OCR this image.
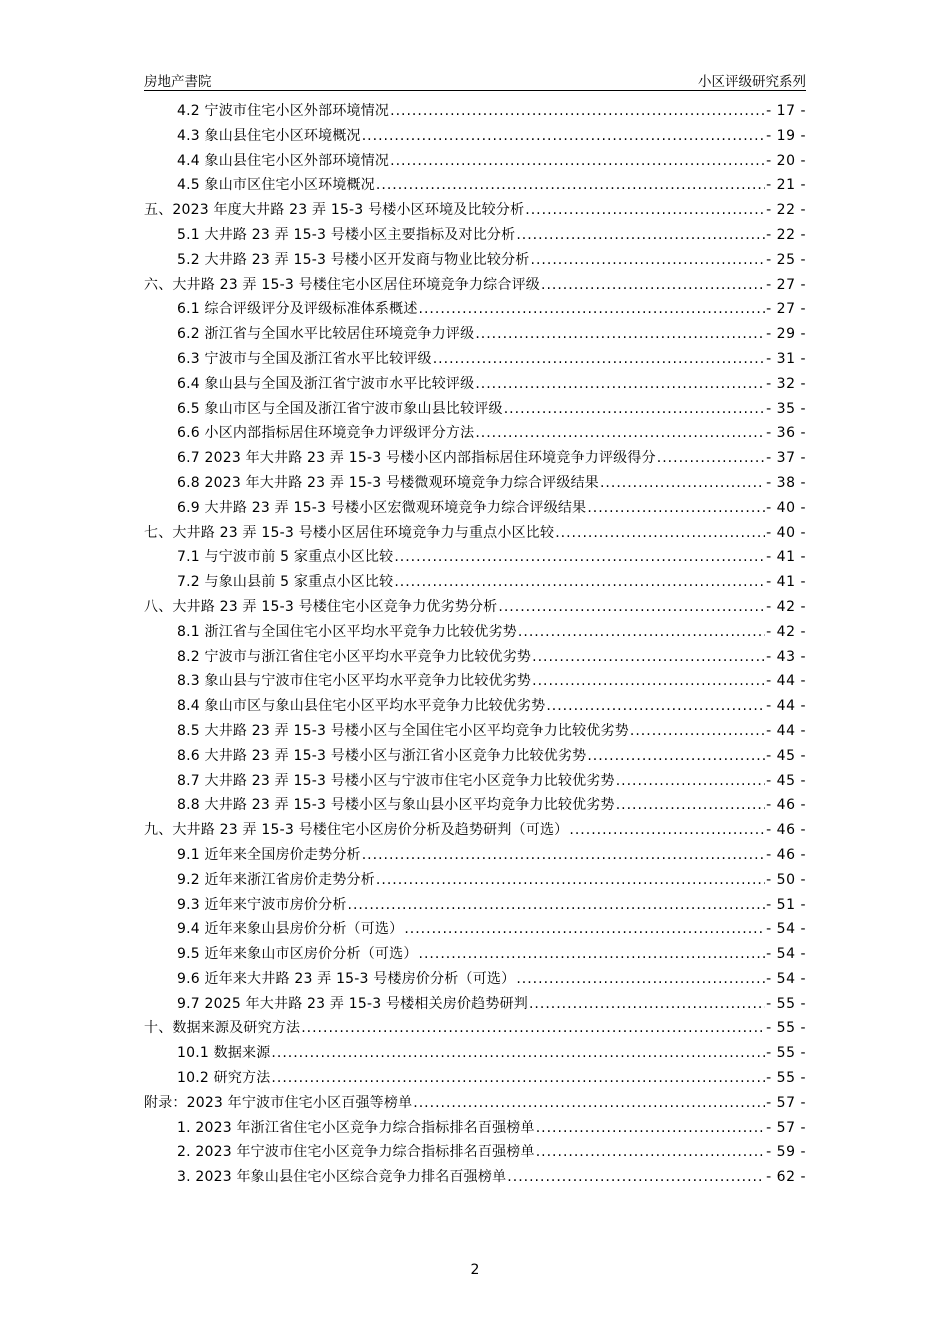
房地产書院	小区评级研究系列
4.2 宁波市住宅小区外部环境情况 .....	- 17 -
4.3 象山县住宅小区环境概况 .....	- 19 -
4.4 象山县住宅小区外部环境情况 .....	- 20 -
4.5 象山市区住宅小区环境概况 .....	- 21 -
五、2023 年度大井路 23 弄 15-3 号楼小区环境及比较分析 .....	- 22 -
5.1 大井路 23 弄 15-3 号楼小区主要指标及对比分析 .....	- 22 -
5.2 大井路 23 弄 15-3 号楼小区开发商与物业比较分析 .....	- 25 -
六、大井路 23 弄 15-3 号楼住宅小区居住环境竞争力综合评级 .....	- 27 -
6.1 综合评级评分及评级标准体系概述 .....	- 27 -
6.2 浙江省与全国水平比较居住环境竞争力评级 .....	- 29 -
6.3 宁波市与全国及浙江省水平比较评级 .....	- 31 -
6.4 象山县与全国及浙江省宁波市水平比较评级 .....	- 32 -
6.5 象山市区与全国及浙江省宁波市象山县比较评级 .....	- 35 -
6.6 小区内部指标居住环境竞争力评级评分方法 .....	- 36 -
6.7 2023 年大井路 23 弄 15-3 号楼小区内部指标居住环境竞争力评级得分 .....	- 37 -
6.8 2023 年大井路 23 弄 15-3 号楼微观环境竞争力综合评级结果 .....	- 38 -
6.9 大井路 23 弄 15-3 号楼小区宏微观环境竞争力综合评级结果 .....	- 40 -
七、大井路 23 弄 15-3 号楼小区居住环境竞争力与重点小区比较 .....	- 40 -
7.1 与宁波市前 5 家重点小区比较 .....	- 41 -
7.2 与象山县前 5 家重点小区比较 .....	- 41 -
八、大井路 23 弄 15-3 号楼住宅小区竞争力优劣势分析 .....	- 42 -
8.1 浙江省与全国住宅小区平均水平竞争力比较优劣势 .....	- 42 -
8.2 宁波市与浙江省住宅小区平均水平竞争力比较优劣势 .....	- 43 -
8.3 象山县与宁波市住宅小区平均水平竞争力比较优劣势 .....	- 44 -
8.4 象山市区与象山县住宅小区平均水平竞争力比较优劣势 .....	- 44 -
8.5 大井路 23 弄 15-3 号楼小区与全国住宅小区平均竞争力比较优劣势 .....	- 44 -
8.6 大井路 23 弄 15-3 号楼小区与浙江省小区竞争力比较优劣势 .....	- 45 -
8.7 大井路 23 弄 15-3 号楼小区与宁波市住宅小区竞争力比较优劣势 .....	- 45 -
8.8 大井路 23 弄 15-3 号楼小区与象山县小区平均竞争力比较优劣势 .....	- 46 -
九、大井路 23 弄 15-3 号楼住宅小区房价分析及趋势研判（可选） .....	- 46 -
9.1 近年来全国房价走势分析 .....	- 46 -
9.2 近年来浙江省房价走势分析 .....	- 50 -
9.3 近年来宁波市房价分析 .....	- 51 -
9.4 近年来象山县房价分析（可选） .....	- 54 -
9.5 近年来象山市区房价分析（可选） .....	- 54 -
9.6 近年来大井路 23 弄 15-3 号楼房价分析（可选） .....	- 54 -
9.7 2025 年大井路 23 弄 15-3 号楼相关房价趋势研判 .....	- 55 -
十、数据来源及研究方法 .....	- 55 -
10.1 数据来源 .....	- 55 -
10.2 研究方法 .....	- 55 -
附录：2023 年宁波市住宅小区百强等榜单 .....	- 57 -
1. 2023 年浙江省住宅小区竞争力综合指标排名百强榜单 .....	- 57 -
2. 2023 年宁波市住宅小区竞争力综合指标排名百强榜单 .....	- 59 -
3. 2023 年象山县住宅小区综合竞争力排名百强榜单 .....	- 62 -
2
